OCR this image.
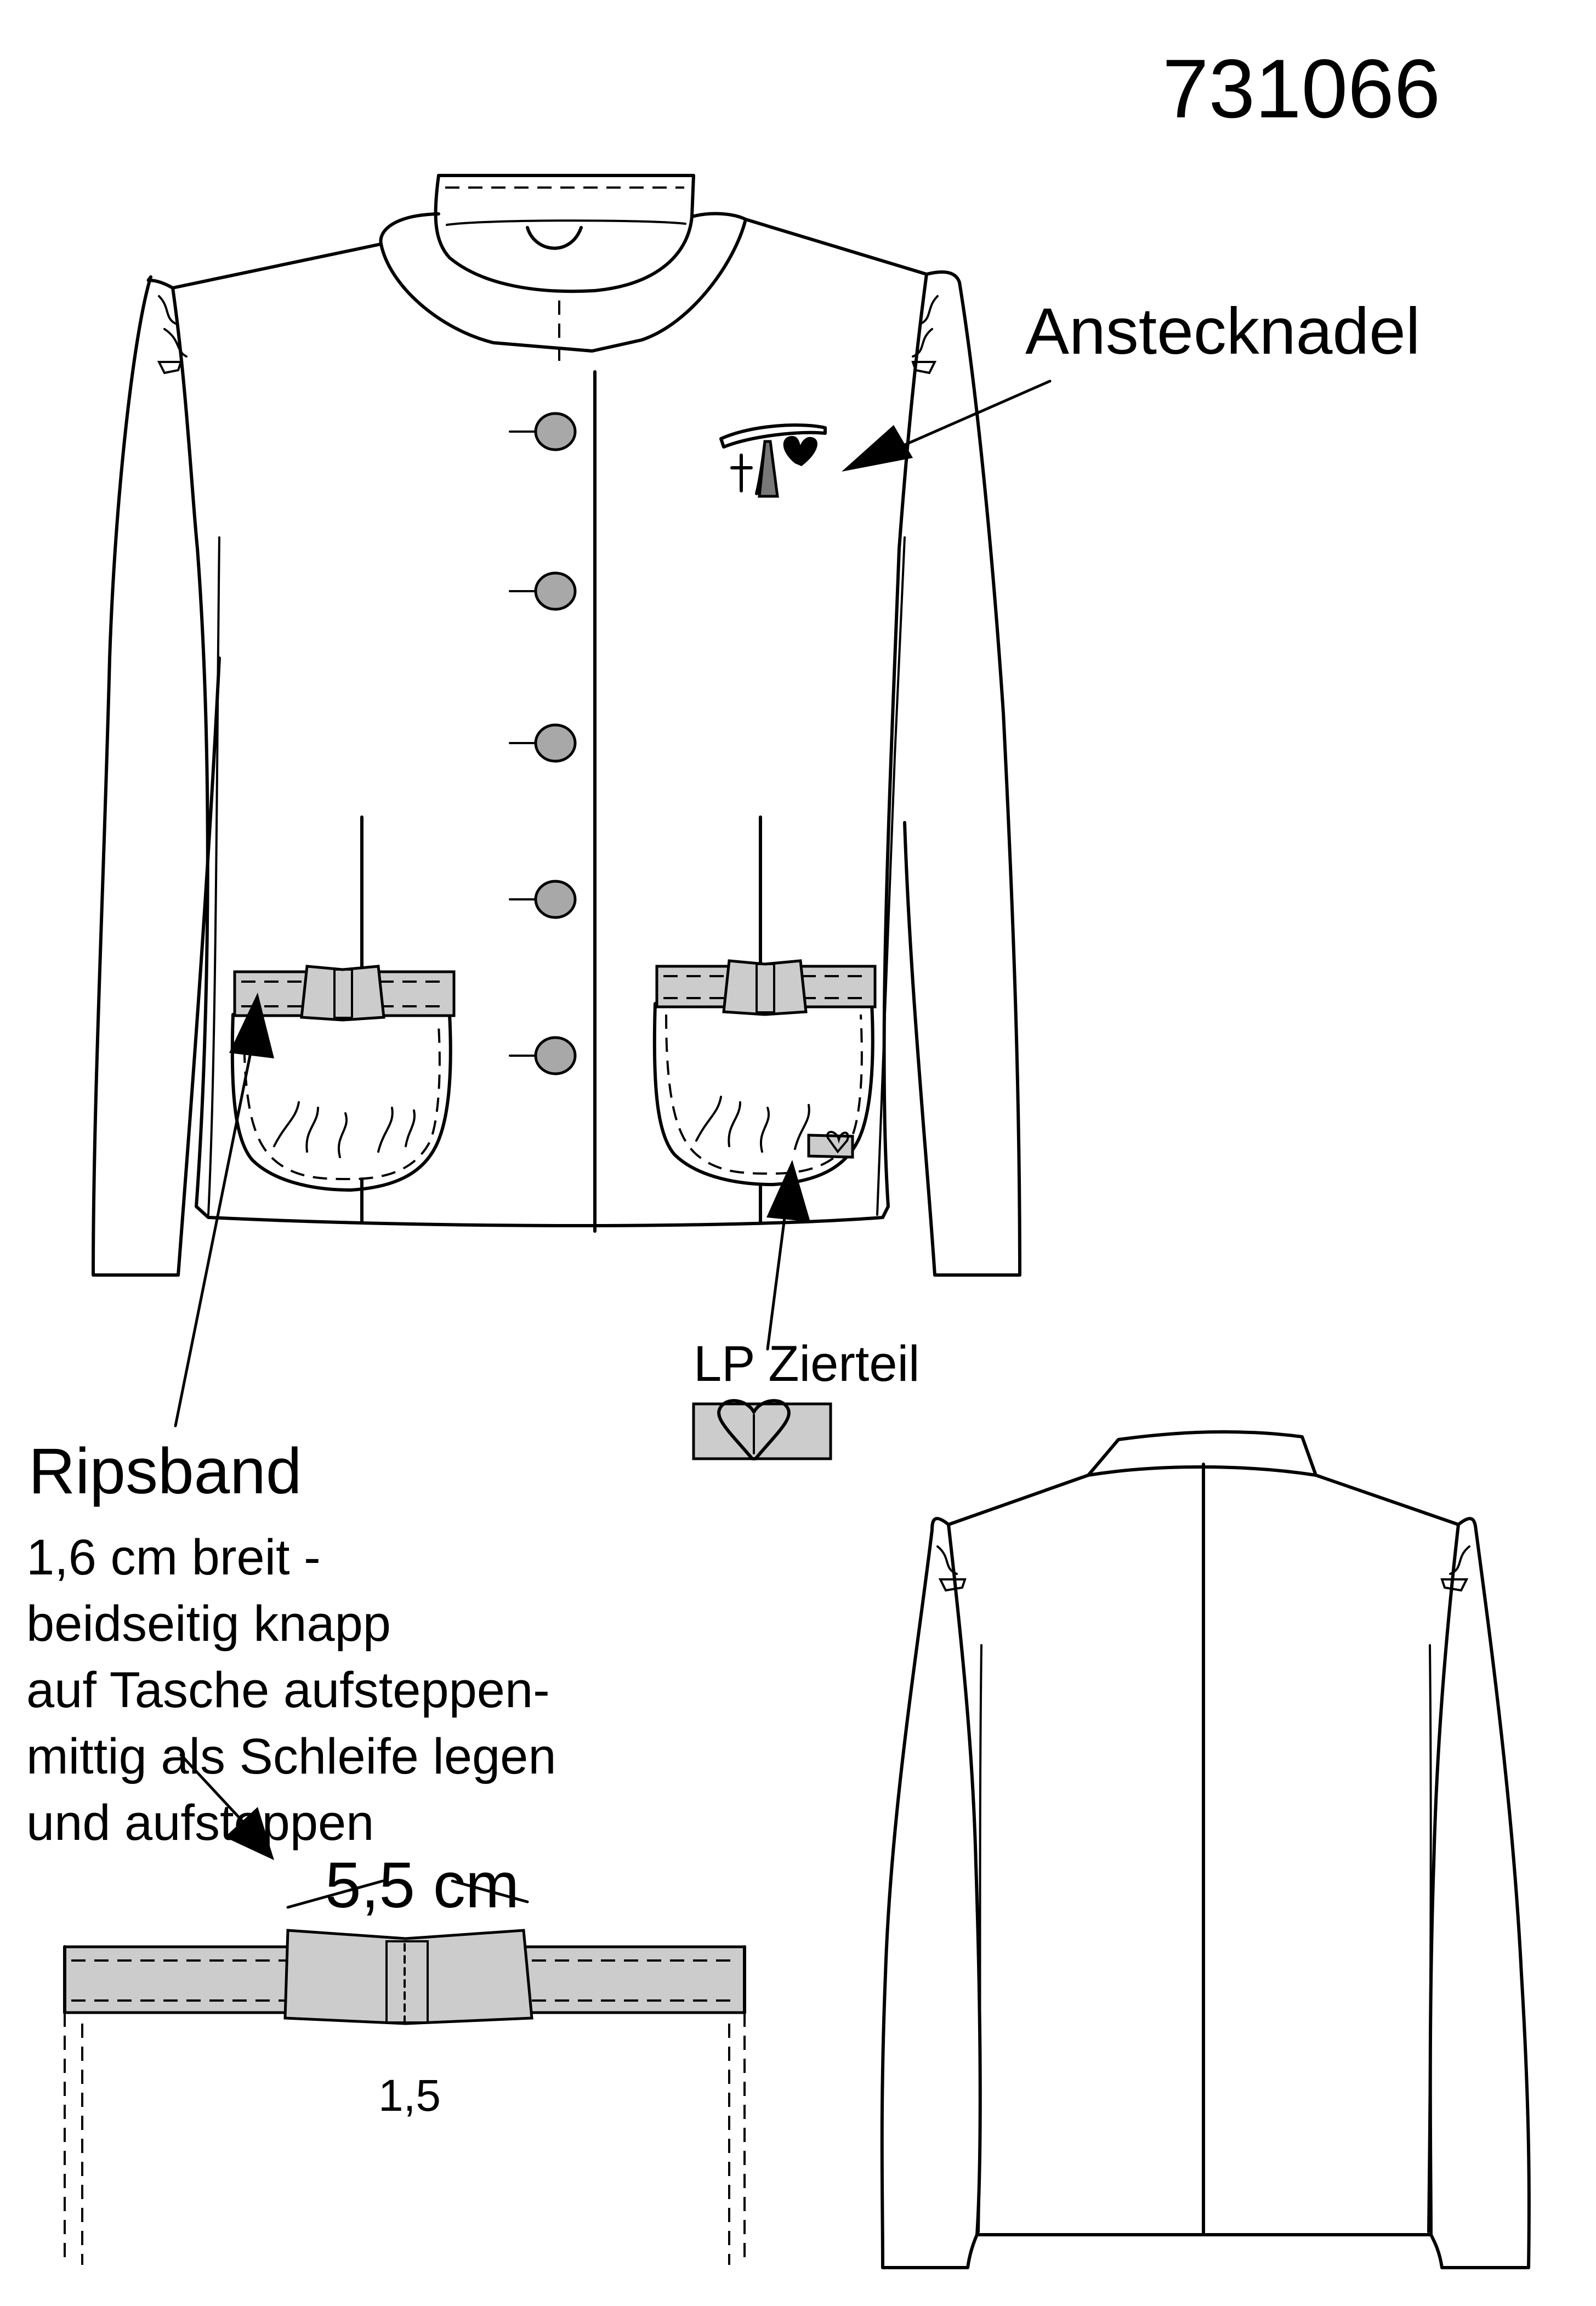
731066
Anstecknadel
LP Zierteil
Ripsband
1,6 cm breit -
beidseitig knapp
auf Tasche aufsteppen-
mittig als Schleife legen
und aufsteppen
5,5 cm
1,5
